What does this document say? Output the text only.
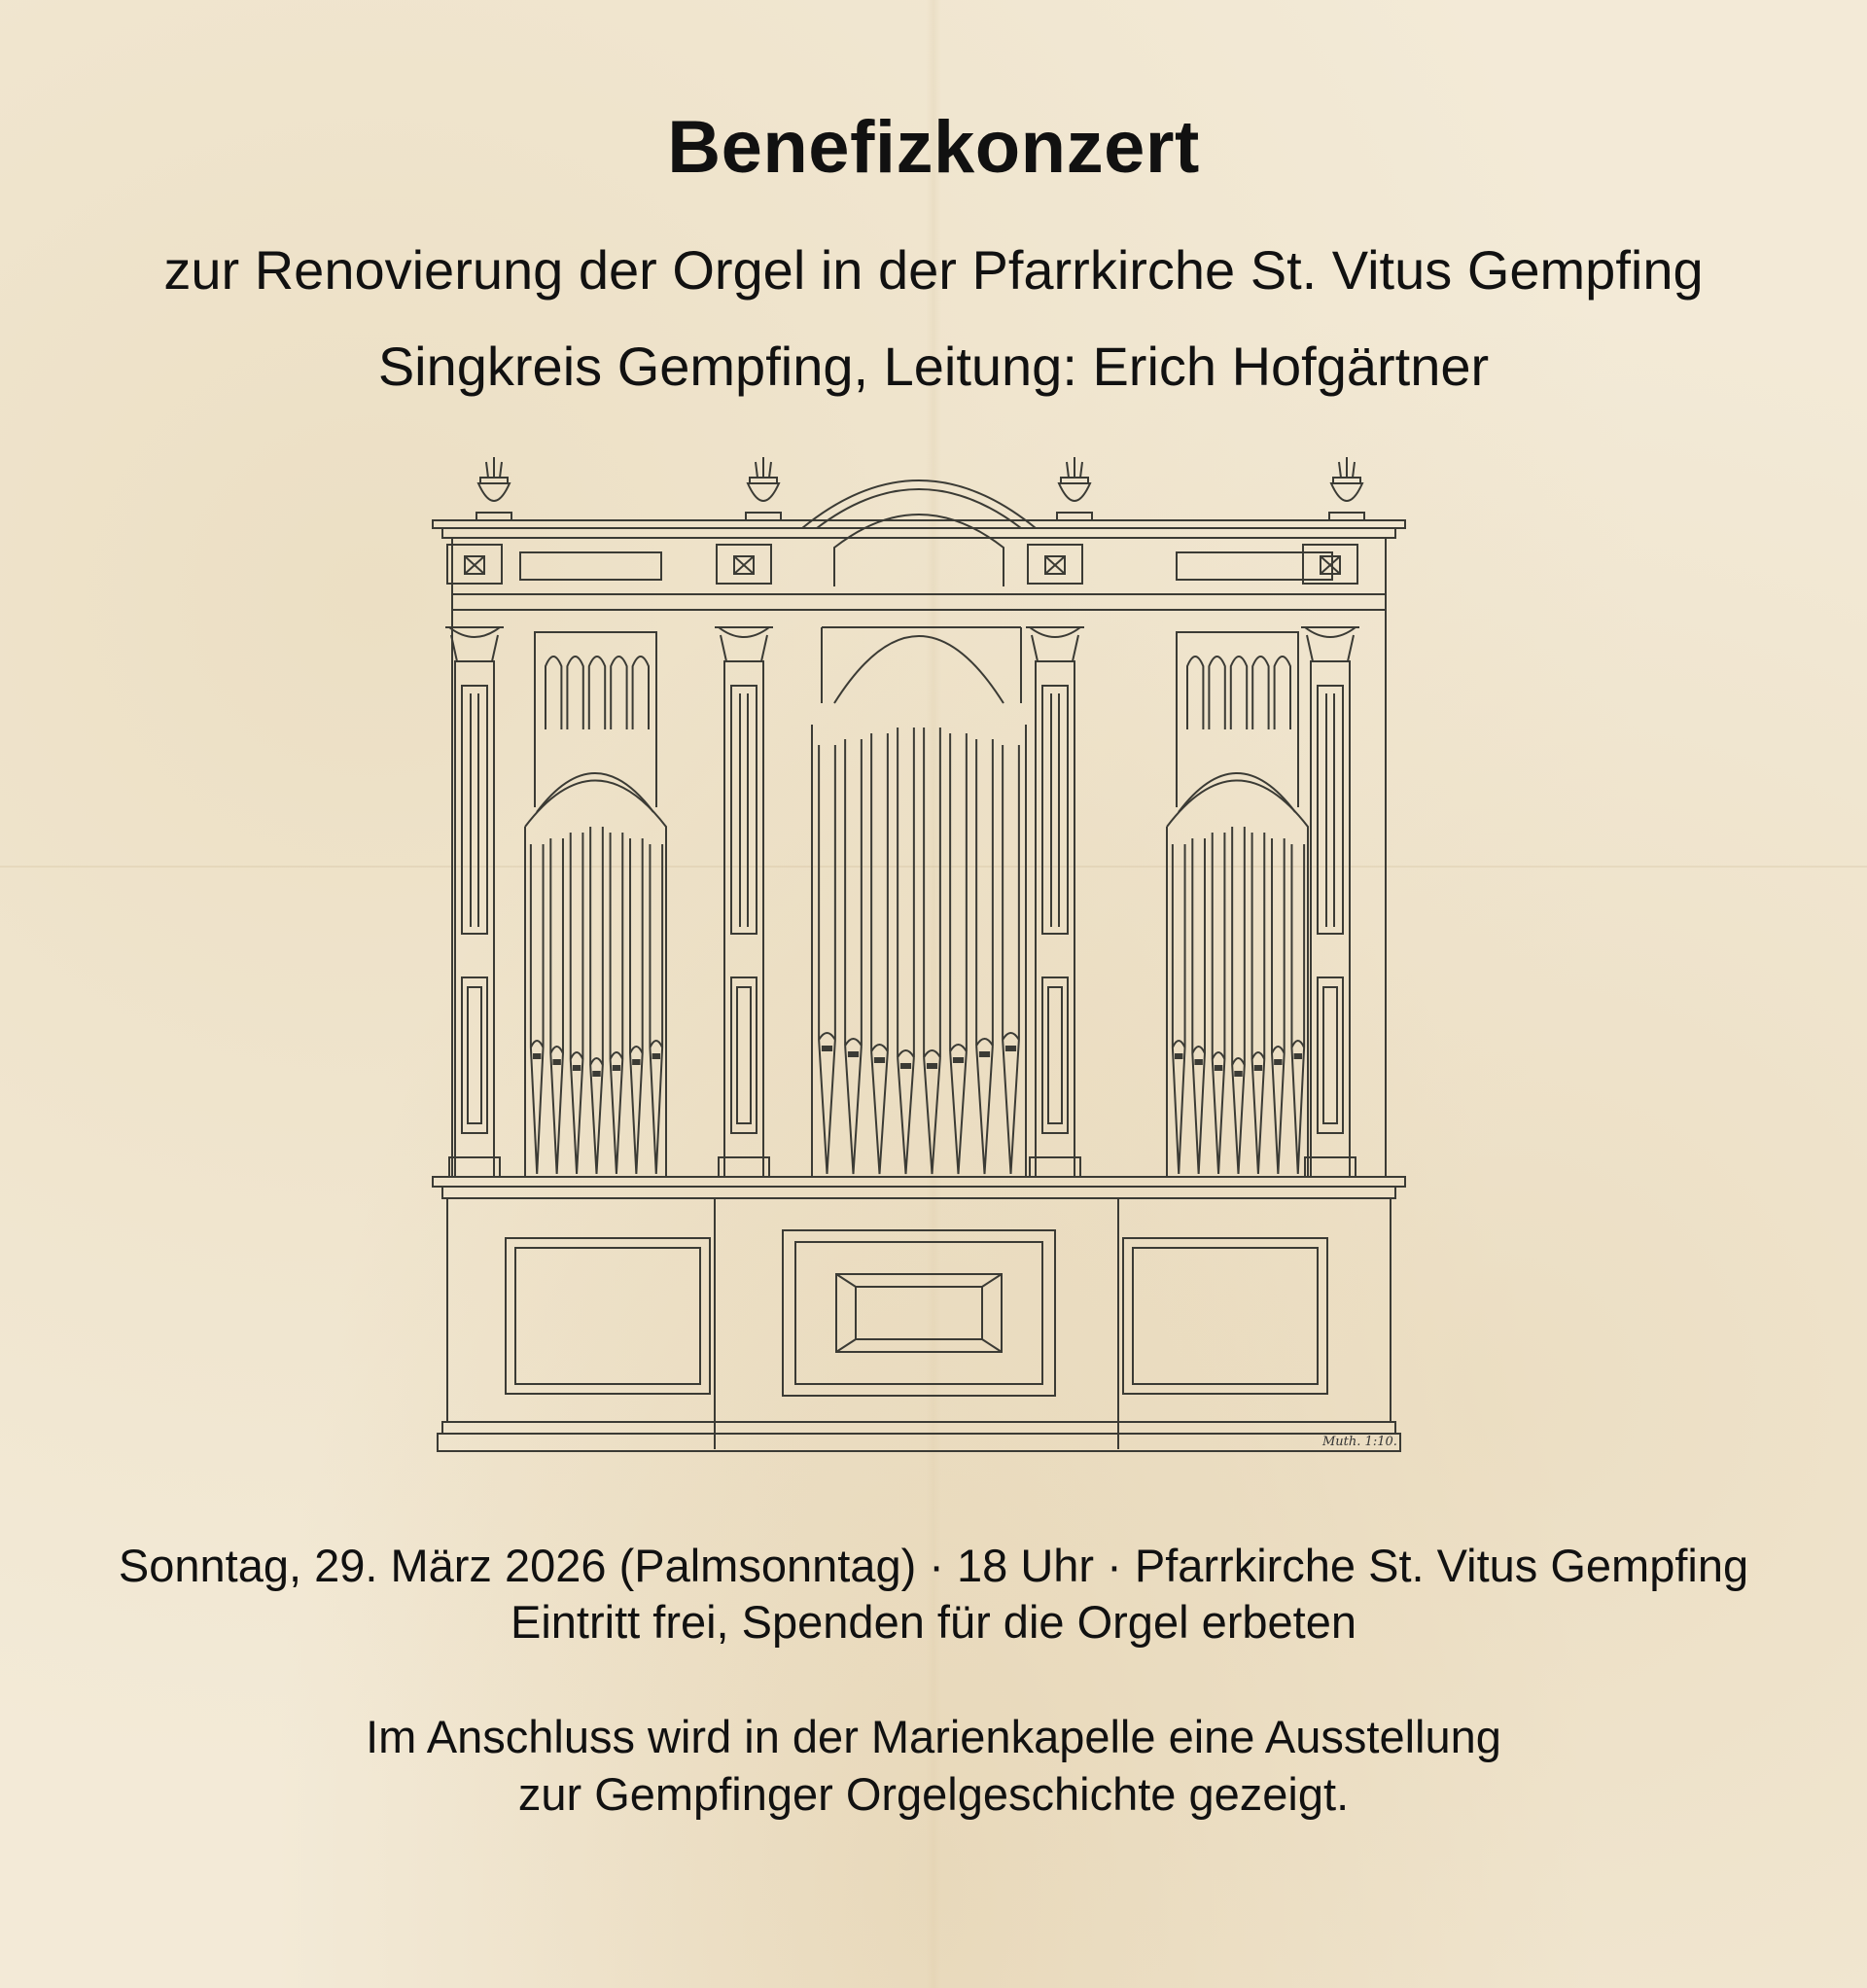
Benefizkonzert
zur Renovierung der Orgel in der Pfarrkirche St. Vitus Gempfing
Singkreis Gempfing, Leitung: Erich Hofgärtner
Muth. 1:10.
Sonntag, 29. März 2026 (Palmsonntag) · 18 Uhr · Pfarrkirche St. Vitus Gempfing
Eintritt frei, Spenden für die Orgel erbeten
Im Anschluss wird in der Marienkapelle eine Ausstellung
zur Gempfinger Orgelgeschichte gezeigt.
